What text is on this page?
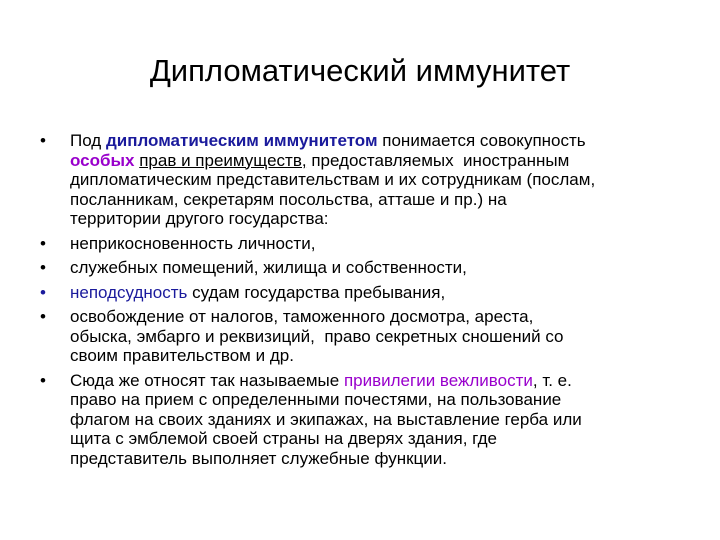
Дипломатический иммунитет
• Под дипломатическим иммунитетом понимается совокупность
особых прав и преимуществ, предоставляемых  иностранным
дипломатическим представительствам и их сотрудникам (послам,
посланникам, секретарям посольства, атташе и пр.) на
территории другого государства:
• неприкосновенность личности,
• служебных помещений, жилища и собственности,
• неподсудность судам государства пребывания,
• освобождение от налогов, таможенного досмотра, ареста,
обыска, эмбарго и реквизиций,  право секретных сношений со
своим правительством и др.
• Сюда же относят так называемые привилегии вежливости, т. е.
право на прием с определенными почестями, на пользование
флагом на своих зданиях и экипажах, на выставление герба или
щита с эмблемой своей страны на дверях здания, где
представитель выполняет служебные функции.
